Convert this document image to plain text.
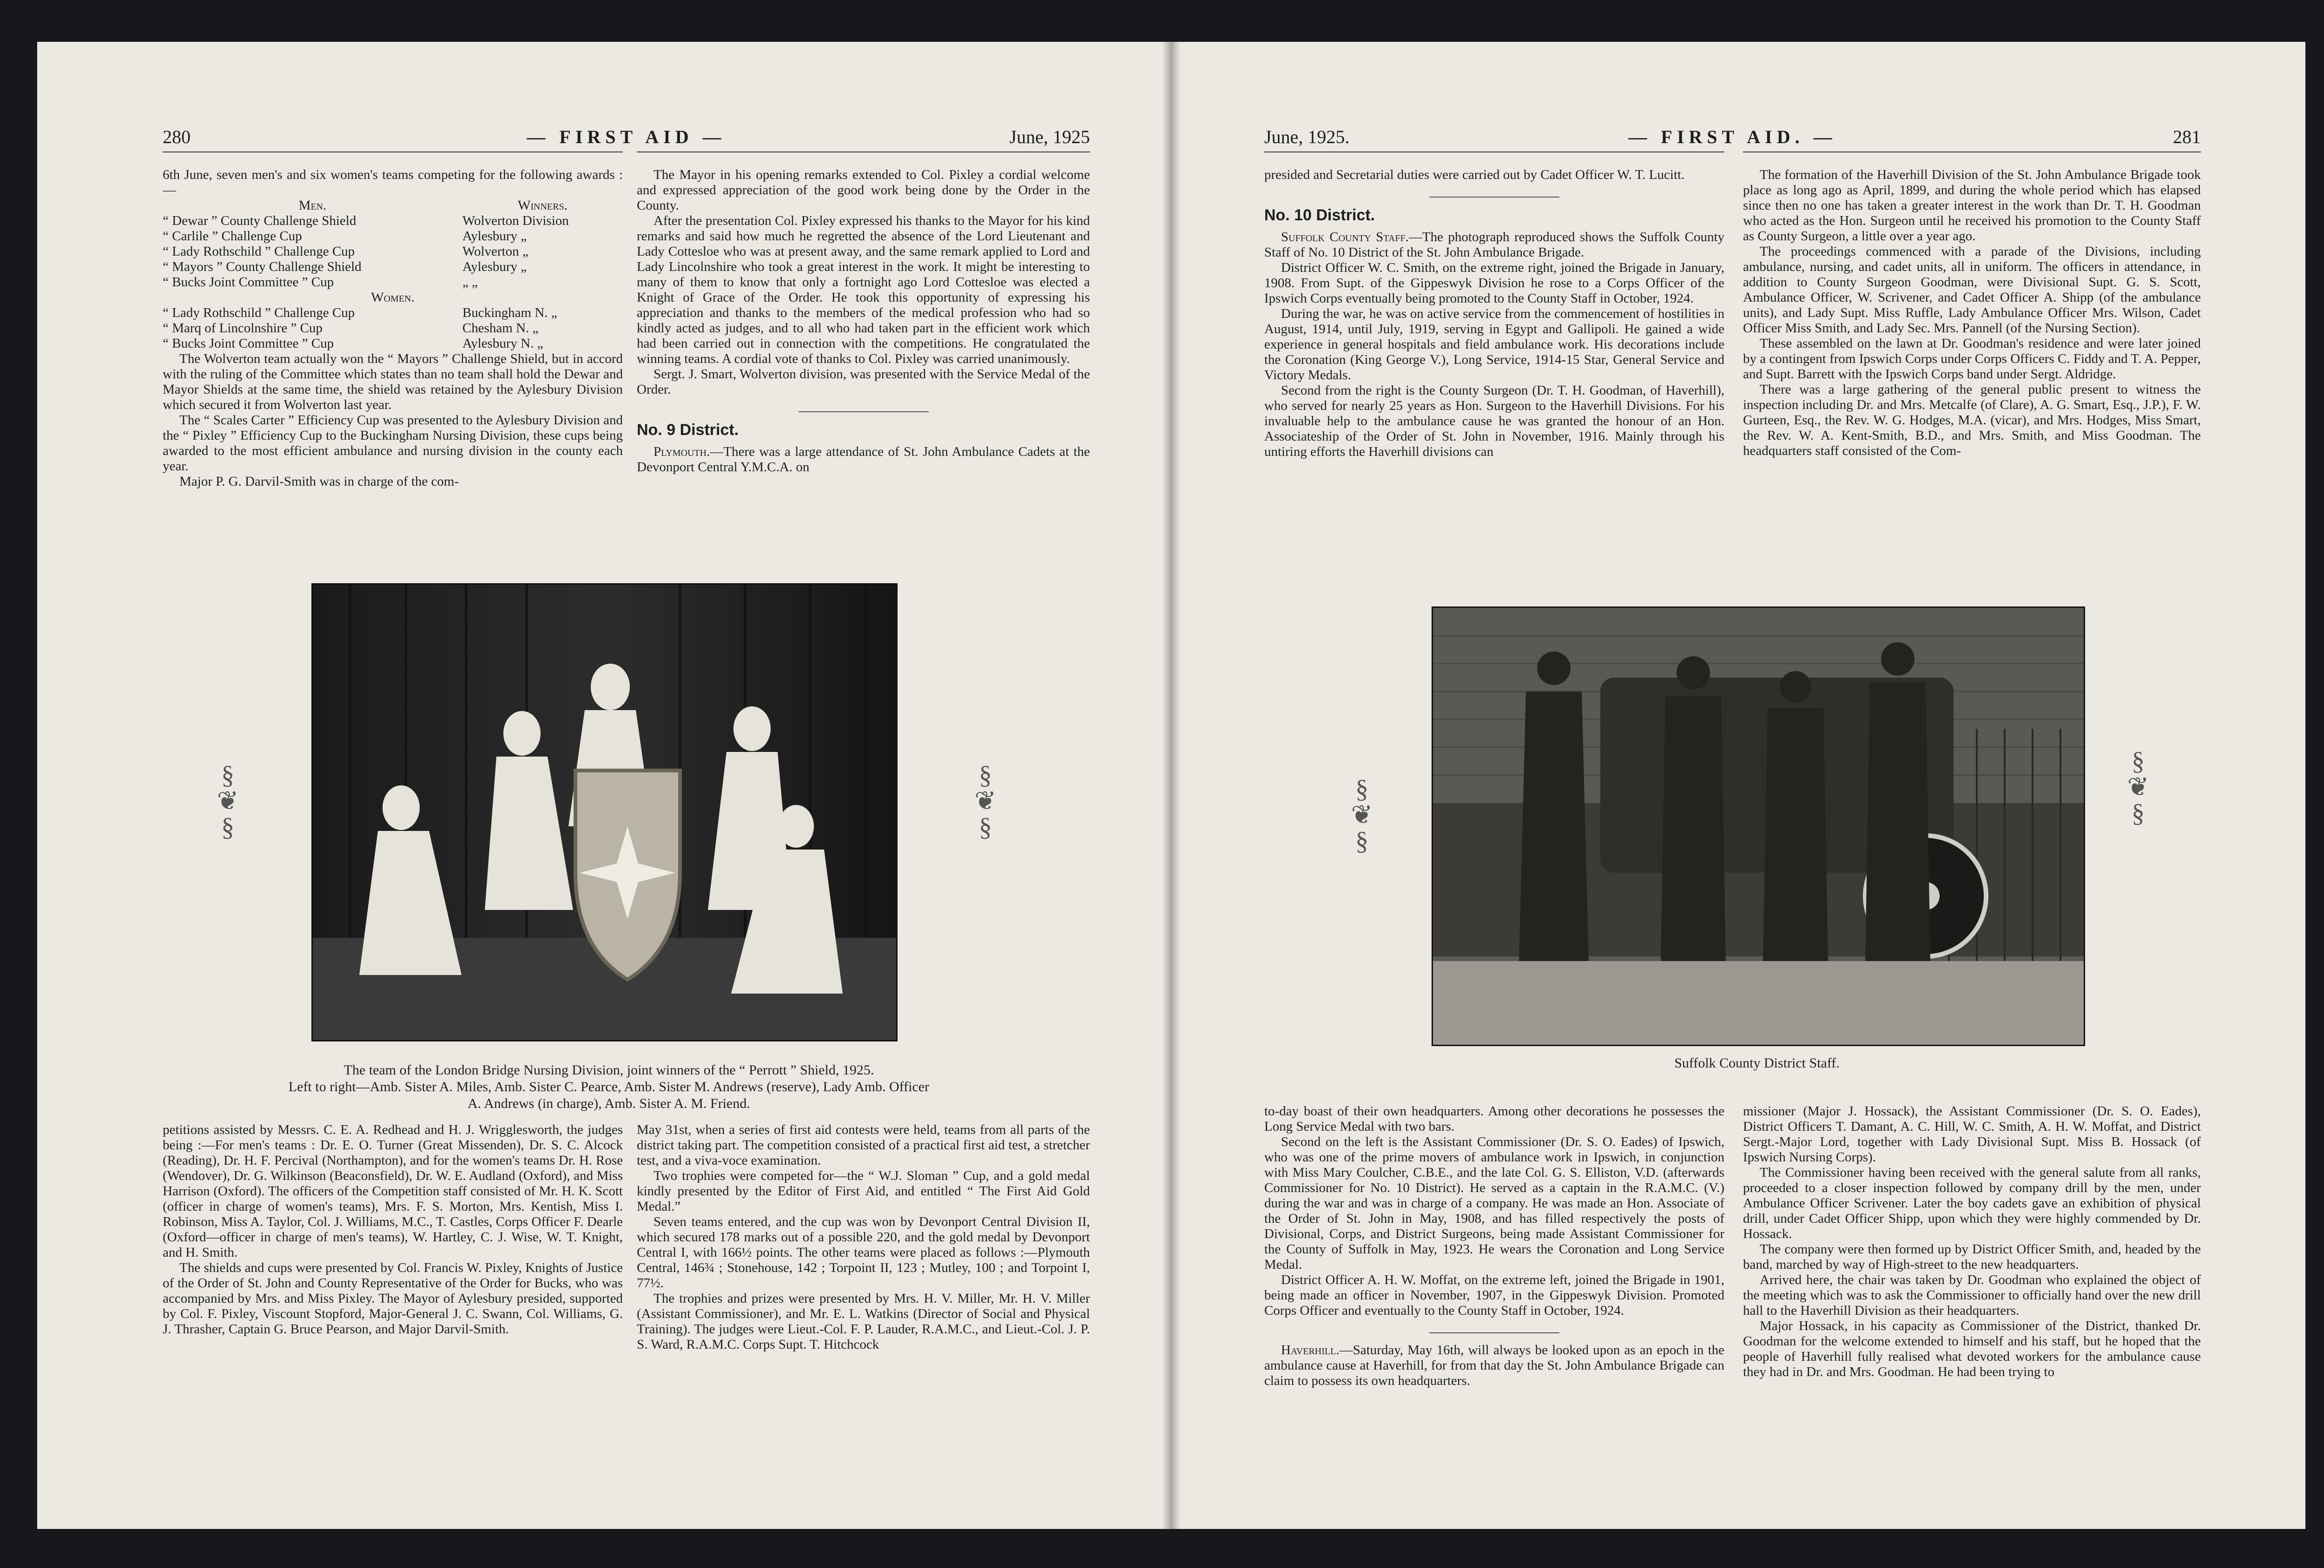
280	— FIRST AID —	June, 1925

6th June, seven men's and six women's teams competing for the following awards :—

Men.	Winners.
“ Dewar ” County Challenge Shield	Wolverton Division
“ Carlile ” Challenge Cup	Aylesbury „
“ Lady Rothschild ” Challenge Cup	Wolverton „
“ Mayors ” County Challenge Shield	Aylesbury „
“ Bucks Joint Committee ” Cup	„ „
Women.	
“ Lady Rothschild ” Challenge Cup	Buckingham N. „
“ Marq of Lincolnshire ” Cup	Chesham N. „
“ Bucks Joint Committee ” Cup	Aylesbury N. „

The Wolverton team actually won the “ Mayors ” Challenge Shield, but in accord with the ruling of the Committee which states than no team shall hold the Dewar and Mayor Shields at the same time, the shield was retained by the Aylesbury Division which secured it from Wolverton last year.

The “ Scales Carter ” Efficiency Cup was presented to the Aylesbury Division and the “ Pixley ” Efficiency Cup to the Buckingham Nursing Division, these cups being awarded to the most efficient ambulance and nursing division in the county each year.

Major P. G. Darvil-Smith was in charge of the com-

The Mayor in his opening remarks extended to Col. Pixley a cordial welcome and expressed appreciation of the good work being done by the Order in the County.

After the presentation Col. Pixley expressed his thanks to the Mayor for his kind remarks and said how much he regretted the absence of the Lord Lieutenant and Lady Cottesloe who was at present away, and the same remark applied to Lord and Lady Lincolnshire who took a great interest in the work. It might be interesting to many of them to know that only a fortnight ago Lord Cottesloe was elected a Knight of Grace of the Order. He took this opportunity of expressing his appreciation and thanks to the members of the medical profession who had so kindly acted as judges, and to all who had taken part in the efficient work which had been carried out in connection with the competitions. He congratulated the winning teams. A cordial vote of thanks to Col. Pixley was carried unanimously.

Sergt. J. Smart, Wolverton division, was presented with the Service Medal of the Order.

No. 9 District.

Plymouth.—There was a large attendance of St. John Ambulance Cadets at the Devonport Central Y.M.C.A. on

§
❦
§
§
❦
§
The team of the London Bridge Nursing Division, joint winners of the “ Perrott ” Shield, 1925.
Left to right—Amb. Sister A. Miles, Amb. Sister C. Pearce, Amb. Sister M. Andrews (reserve), Lady Amb. Officer
A. Andrews (in charge), Amb. Sister A. M. Friend.

petitions assisted by Messrs. C. E. A. Redhead and H. J. Wrigglesworth, the judges being :—For men's teams : Dr. E. O. Turner (Great Missenden), Dr. S. C. Alcock (Reading), Dr. H. F. Percival (Northampton), and for the women's teams Dr. H. Rose (Wendover), Dr. G. Wilkinson (Beaconsfield), Dr. W. E. Audland (Oxford), and Miss Harrison (Oxford). The officers of the Competition staff consisted of Mr. H. K. Scott (officer in charge of women's teams), Mrs. F. S. Morton, Mrs. Kentish, Miss I. Robinson, Miss A. Taylor, Col. J. Williams, M.C., T. Castles, Corps Officer F. Dearle (Oxford—officer in charge of men's teams), W. Hartley, C. J. Wise, W. T. Knight, and H. Smith.

The shields and cups were presented by Col. Francis W. Pixley, Knights of Justice of the Order of St. John and County Representative of the Order for Bucks, who was accompanied by Mrs. and Miss Pixley. The Mayor of Aylesbury presided, supported by Col. F. Pixley, Viscount Stopford, Major-General J. C. Swann, Col. Williams, G. J. Thrasher, Captain G. Bruce Pearson, and Major Darvil-Smith.

May 31st, when a series of first aid contests were held, teams from all parts of the district taking part. The competition consisted of a practical first aid test, a stretcher test, and a viva-voce examination.

Two trophies were competed for—the “ W.J. Sloman ” Cup, and a gold medal kindly presented by the Editor of First Aid, and entitled “ The First Aid Gold Medal.”

Seven teams entered, and the cup was won by Devonport Central Division II, which secured 178 marks out of a possible 220, and the gold medal by Devonport Central I, with 166½ points. The other teams were placed as follows :—Plymouth Central, 146¾ ; Stonehouse, 142 ; Torpoint II, 123 ; Mutley, 100 ; and Torpoint I, 77½.

The trophies and prizes were presented by Mrs. H. V. Miller, Mr. H. V. Miller (Assistant Commissioner), and Mr. E. L. Watkins (Director of Social and Physical Training). The judges were Lieut.-Col. F. P. Lauder, R.A.M.C., and Lieut.-Col. J. P. S. Ward, R.A.M.C. Corps Supt. T. Hitchcock

June, 1925.	— FIRST AID. —	281

presided and Secretarial duties were carried out by Cadet Officer W. T. Lucitt.

No. 10 District.

Suffolk County Staff.—The photograph reproduced shows the Suffolk County Staff of No. 10 District of the St. John Ambulance Brigade.

District Officer W. C. Smith, on the extreme right, joined the Brigade in January, 1908. From Supt. of the Gippeswyk Division he rose to a Corps Officer of the Ipswich Corps eventually being promoted to the County Staff in October, 1924.

During the war, he was on active service from the commencement of hostilities in August, 1914, until July, 1919, serving in Egypt and Gallipoli. He gained a wide experience in general hospitals and field ambulance work. His decorations include the Coronation (King George V.), Long Service, 1914-15 Star, General Service and Victory Medals.

Second from the right is the County Surgeon (Dr. T. H. Goodman, of Haverhill), who served for nearly 25 years as Hon. Surgeon to the Haverhill Divisions. For his invaluable help to the ambulance cause he was granted the honour of an Hon. Associateship of the Order of St. John in November, 1916. Mainly through his untiring efforts the Haverhill divisions can

The formation of the Haverhill Division of the St. John Ambulance Brigade took place as long ago as April, 1899, and during the whole period which has elapsed since then no one has taken a greater interest in the work than Dr. T. H. Goodman who acted as the Hon. Surgeon until he received his promotion to the County Staff as County Surgeon, a little over a year ago.

The proceedings commenced with a parade of the Divisions, including ambulance, nursing, and cadet units, all in uniform. The officers in attendance, in addition to County Surgeon Goodman, were Divisional Supt. G. S. Scott, Ambulance Officer, W. Scrivener, and Cadet Officer A. Shipp (of the ambulance units), and Lady Supt. Miss Ruffle, Lady Ambulance Officer Mrs. Wilson, Cadet Officer Miss Smith, and Lady Sec. Mrs. Pannell (of the Nursing Section).

These assembled on the lawn at Dr. Goodman's residence and were later joined by a contingent from Ipswich Corps under Corps Officers C. Fiddy and T. A. Pepper, and Supt. Barrett with the Ipswich Corps band under Sergt. Aldridge.

There was a large gathering of the general public present to witness the inspection including Dr. and Mrs. Metcalfe (of Clare), A. G. Smart, Esq., J.P.), F. W. Gurteen, Esq., the Rev. W. G. Hodges, M.A. (vicar), and Mrs. Hodges, Miss Smart, the Rev. W. A. Kent-Smith, B.D., and Mrs. Smith, and Miss Goodman. The headquarters staff consisted of the Com-

§
❦
§
§
❦
§
Suffolk County District Staff.

to-day boast of their own headquarters. Among other decorations he possesses the Long Service Medal with two bars.

Second on the left is the Assistant Commissioner (Dr. S. O. Eades) of Ipswich, who was one of the prime movers of ambulance work in Ipswich, in conjunction with Miss Mary Coulcher, C.B.E., and the late Col. G. S. Elliston, V.D. (afterwards Commissioner for No. 10 District). He served as a captain in the R.A.M.C. (V.) during the war and was in charge of a company. He was made an Hon. Associate of the Order of St. John in May, 1908, and has filled respectively the posts of Divisional, Corps, and District Surgeons, being made Assistant Commissioner for the County of Suffolk in May, 1923. He wears the Coronation and Long Service Medal.

District Officer A. H. W. Moffat, on the extreme left, joined the Brigade in 1901, being made an officer in November, 1907, in the Gippeswyk Division. Promoted Corps Officer and eventually to the County Staff in October, 1924.

Haverhill.—Saturday, May 16th, will always be looked upon as an epoch in the ambulance cause at Haverhill, for from that day the St. John Ambulance Brigade can claim to possess its own headquarters.

missioner (Major J. Hossack), the Assistant Commissioner (Dr. S. O. Eades), District Officers T. Damant, A. C. Hill, W. C. Smith, A. H. W. Moffat, and District Sergt.-Major Lord, together with Lady Divisional Supt. Miss B. Hossack (of Ipswich Nursing Corps).

The Commissioner having been received with the general salute from all ranks, proceeded to a closer inspection followed by company drill by the men, under Ambulance Officer Scrivener. Later the boy cadets gave an exhibition of physical drill, under Cadet Officer Shipp, upon which they were highly commended by Dr. Hossack.

The company were then formed up by District Officer Smith, and, headed by the band, marched by way of High-street to the new headquarters.

Arrived here, the chair was taken by Dr. Goodman who explained the object of the meeting which was to ask the Commissioner to officially hand over the new drill hall to the Haverhill Division as their headquarters.

Major Hossack, in his capacity as Commissioner of the District, thanked Dr. Goodman for the welcome extended to himself and his staff, but he hoped that the people of Haverhill fully realised what devoted workers for the ambulance cause they had in Dr. and Mrs. Goodman. He had been trying to
